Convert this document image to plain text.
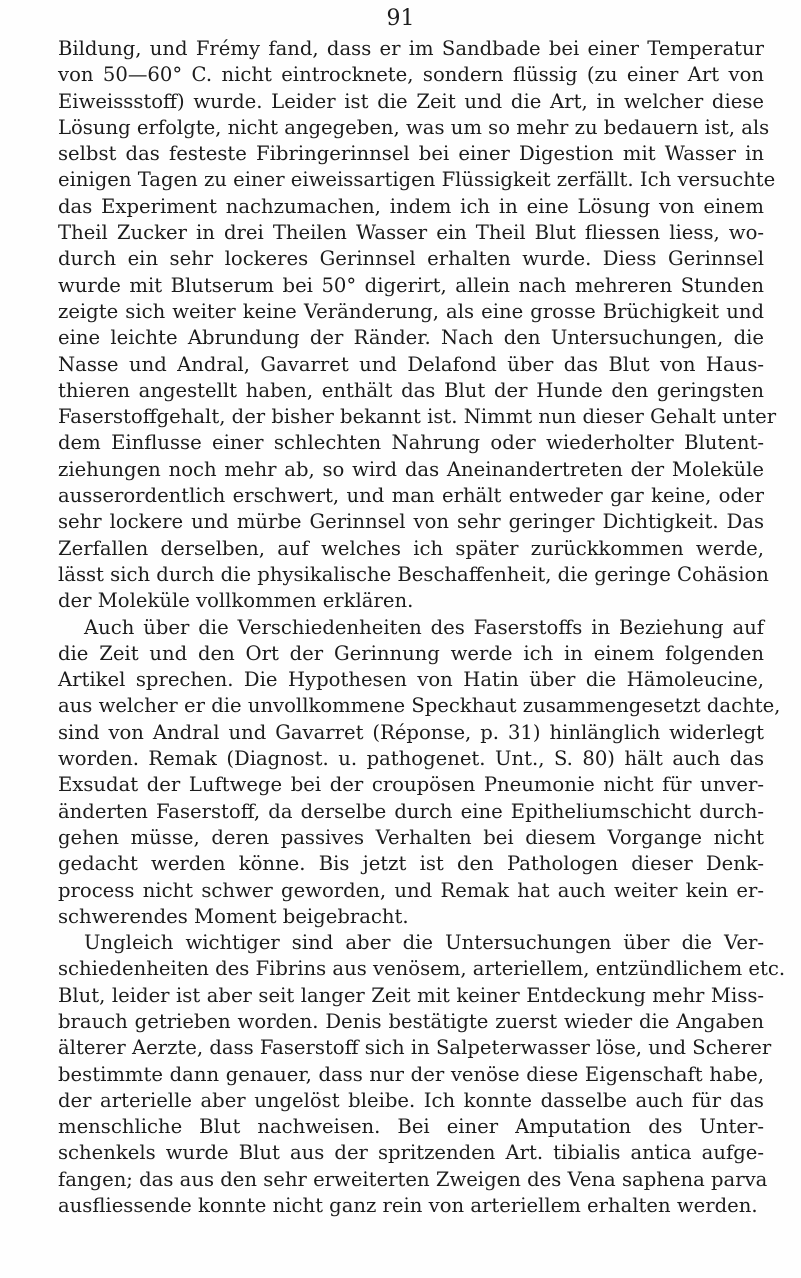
91

Bildung, und Frémy fand, dass er im Sandbade bei einer Temperatur
von 50—60° C. nicht eintrocknete, sondern flüssig (zu einer Art von
Eiweissstoff) wurde. Leider ist die Zeit und die Art, in welcher diese
Lösung erfolgte, nicht angegeben, was um so mehr zu bedauern ist, als
selbst das festeste Fibringerinnsel bei einer Digestion mit Wasser in
einigen Tagen zu einer eiweissartigen Flüssigkeit zerfällt. Ich versuchte
das Experiment nachzumachen, indem ich in eine Lösung von einem
Theil Zucker in drei Theilen Wasser ein Theil Blut fliessen liess, wo-
durch ein sehr lockeres Gerinnsel erhalten wurde. Diess Gerinnsel
wurde mit Blutserum bei 50° digerirt, allein nach mehreren Stunden
zeigte sich weiter keine Veränderung, als eine grosse Brüchigkeit und
eine leichte Abrundung der Ränder. Nach den Untersuchungen, die
Nasse und Andral, Gavarret und Delafond über das Blut von Haus-
thieren angestellt haben, enthält das Blut der Hunde den geringsten
Faserstoffgehalt, der bisher bekannt ist. Nimmt nun dieser Gehalt unter
dem Einflusse einer schlechten Nahrung oder wiederholter Blutent-
ziehungen noch mehr ab, so wird das Aneinandertreten der Moleküle
ausserordentlich erschwert, und man erhält entweder gar keine, oder
sehr lockere und mürbe Gerinnsel von sehr geringer Dichtigkeit. Das
Zerfallen derselben, auf welches ich später zurückkommen werde,
lässt sich durch die physikalische Beschaffenheit, die geringe Cohäsion
der Moleküle vollkommen erklären.

Auch über die Verschiedenheiten des Faserstoffs in Beziehung auf
die Zeit und den Ort der Gerinnung werde ich in einem folgenden
Artikel sprechen. Die Hypothesen von Hatin über die Hämoleucine,
aus welcher er die unvollkommene Speckhaut zusammengesetzt dachte,
sind von Andral und Gavarret (Réponse, p. 31) hinlänglich widerlegt
worden. Remak (Diagnost. u. pathogenet. Unt., S. 80) hält auch das
Exsudat der Luftwege bei der croupösen Pneumonie nicht für unver-
änderten Faserstoff, da derselbe durch eine Epitheliumschicht durch-
gehen müsse, deren passives Verhalten bei diesem Vorgange nicht
gedacht werden könne. Bis jetzt ist den Pathologen dieser Denk-
process nicht schwer geworden, und Remak hat auch weiter kein er-
schwerendes Moment beigebracht.

Ungleich wichtiger sind aber die Untersuchungen über die Ver-
schiedenheiten des Fibrins aus venösem, arteriellem, entzündlichem etc.
Blut, leider ist aber seit langer Zeit mit keiner Entdeckung mehr Miss-
brauch getrieben worden. Denis bestätigte zuerst wieder die Angaben
älterer Aerzte, dass Faserstoff sich in Salpeterwasser löse, und Scherer
bestimmte dann genauer, dass nur der venöse diese Eigenschaft habe,
der arterielle aber ungelöst bleibe. Ich konnte dasselbe auch für das
menschliche Blut nachweisen. Bei einer Amputation des Unter-
schenkels wurde Blut aus der spritzenden Art. tibialis antica aufge-
fangen; das aus den sehr erweiterten Zweigen des Vena saphena parva
ausfliessende konnte nicht ganz rein von arteriellem erhalten werden.
